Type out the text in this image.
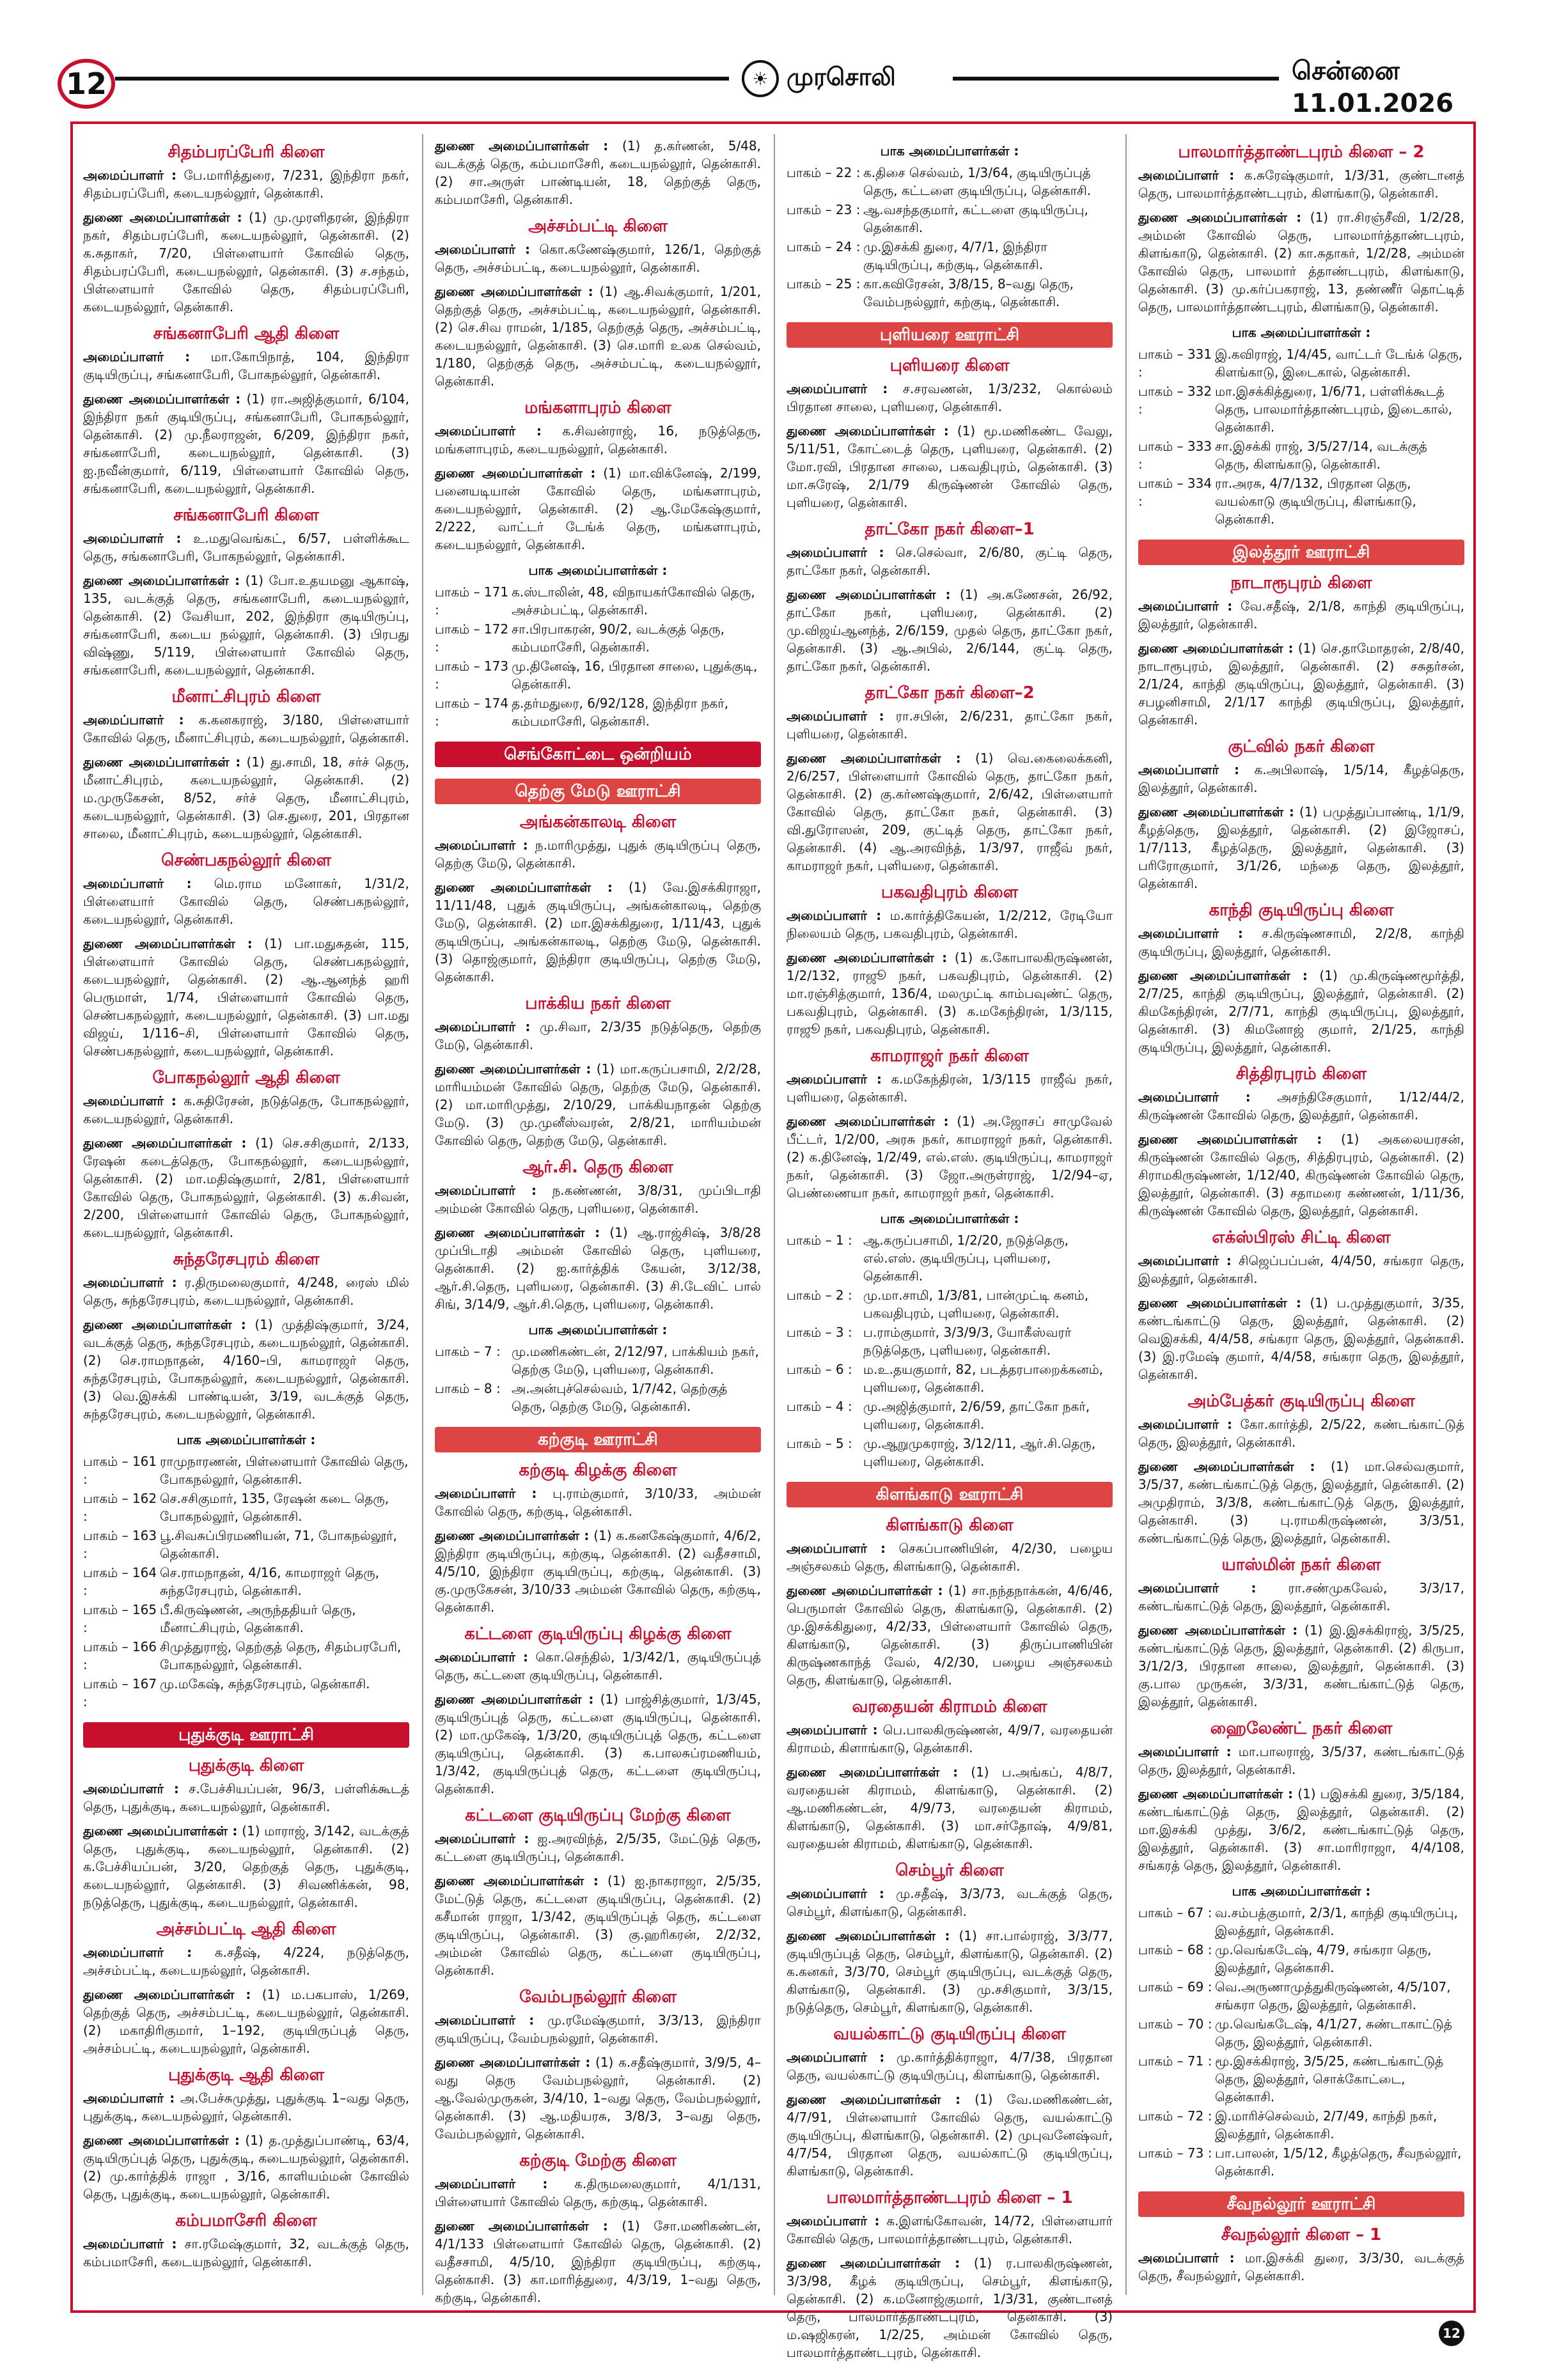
12	☀ முரசொலி	சென்னை    11.01.2026
சிதம்பரப்பேரி கிளை
அமைப்பாளர் : பே.மாரித்துரை, 7/231, இந்திரா நகர், சிதம்பரப்பேரி, கடையநல்லூர், தென்காசி.
துணை அமைப்பாளர்கள் : (1) மு.முரளிதரன், இந்திரா நகர், சிதம்பரப்பேரி, கடையநல்லூர், தென்காசி. (2) க.சுதாகர், 7/20, பிள்ளையார் கோவில் தெரு, சிதம்பரப்பேரி, கடையநல்லூர், தென்காசி. (3) ச.சந்தம், பிள்ளையார் கோவில் தெரு, சிதம்பரப்பேரி, கடையநல்லூர், தென்காசி.
சங்கனாபேரி ஆதி கிளை
அமைப்பாளர் : மா.கோபிநாத், 104, இந்திரா குடியிருப்பு, சங்கனாபேரி, போகநல்லூர், தென்காசி.
துணை அமைப்பாளர்கள் : (1) ரா.அஜித்குமார், 6/104, இந்திரா நகர் குடியிருப்பு, சங்கனாபேரி, போகநல்லூர், தென்காசி. (2) மு.நீலராஜன், 6/209, இந்திரா நகர், சங்கனாபேரி, கடையநல்லூர், தென்காசி. (3) ஐ.நவீன்குமார், 6/119, பிள்ளையார் கோவில் தெரு, சங்கனாபேரி, கடையநல்லூர், தென்காசி.
சங்கனாபேரி கிளை
அமைப்பாளர் : உ.மதுவெங்கட், 6/57, பள்ளிக்கூட தெரு, சங்கனாபேரி, போகநல்லூர், தென்காசி.
துணை அமைப்பாளர்கள் : (1) போ.உதயமனு ஆகாஷ், 135, வடக்குத் தெரு, சங்கனாபேரி, கடையநல்லூர், தென்காசி. (2) வேசியா, 202, இந்திரா குடியிருப்பு, சங்கனாபேரி, கடைய நல்லூர், தென்காசி. (3) பிரபது விஷ்ணு, 5/119, பிள்ளையார் கோவில் தெரு, சங்கனாபேரி, கடையநல்லூர், தென்காசி.
மீனாட்சிபுரம் கிளை
அமைப்பாளர் : க.கனகராஜ், 3/180, பிள்ளையார் கோவில் தெரு, மீனாட்சிபுரம், கடையநல்லூர், தென்காசி.
துணை அமைப்பாளர்கள் : (1) து.சாமி, 18, சர்ச் தெரு, மீனாட்சிபுரம், கடையநல்லூர், தென்காசி. (2) ம.முருகேசன், 8/52, சர்ச் தெரு, மீனாட்சிபுரம், கடையநல்லூர், தென்காசி. (3) செ.துரை, 201, பிரதான சாலை, மீனாட்சிபுரம், கடையநல்லூர், தென்காசி.
செண்பகநல்லூர் கிளை
அமைப்பாளர் : மெ.ராம மனோகர், 1/31/2, பிள்ளையார் கோவில் தெரு, செண்பகநல்லூர், கடையநல்லூர், தென்காசி.
துணை அமைப்பாளர்கள் : (1) பா.மதுசுதன், 115, பிள்ளையார் கோவில் தெரு, செண்பகநல்லூர், கடையநல்லூர், தென்காசி. (2) ஆ.ஆனந்த் ஹரி பெருமாள், 1/74, பிள்ளையார் கோவில் தெரு, செண்பகநல்லூர், கடையநல்லூர், தென்காசி. (3) பா.மது விஜய், 1/116–சி, பிள்ளையார் கோவில் தெரு, செண்பகநல்லூர், கடையநல்லூர், தென்காசி.
போகநல்லூர் ஆதி கிளை
அமைப்பாளர் : க.சுதிரேசன், நடுத்தெரு, போகநல்லூர், கடையநல்லூர், தென்காசி.
துணை அமைப்பாளர்கள் : (1) செ.சசிகுமார், 2/133, ரேஷன் கடைத்தெரு, போகநல்லூர், கடையநல்லூர், தென்காசி. (2) மா.மதிஷ்குமார், 2/81, பிள்ளையார் கோவில் தெரு, போகநல்லூர், தென்காசி. (3) க.சிவன், 2/200, பிள்ளையார் கோவில் தெரு, போகநல்லூர், கடையநல்லூர், தென்காசி.
சுந்தரேசபுரம் கிளை
அமைப்பாளர் : ர.திருமலைகுமார், 4/248, ரைஸ் மில் தெரு, சுந்தரேசபுரம், கடையநல்லூர், தென்காசி.
துணை அமைப்பாளர்கள் : (1) முத்திஷ்குமார், 3/24, வடக்குத் தெரு, சுந்தரேசபுரம், கடையநல்லூர், தென்காசி. (2) செ.ராமநாதன், 4/160–பி, காமராஜர் தெரு, சுந்தரேசபுரம், போகநல்லூர், கடையநல்லூர், தென்காசி. (3) வெ.இசக்கி பாண்டியன், 3/19, வடக்குத் தெரு, சுந்தரேசபுரம், கடையநல்லூர், தென்காசி.
பாக அமைப்பாளர்கள் :
பாகம் – 161 :
ராமுநாரணன், பிள்ளையார் கோவில் தெரு, போகநல்லூர், தென்காசி.
பாகம் – 162 :
செ.சசிகுமார், 135, ரேஷன் கடை தெரு, போகநல்லூர், தென்காசி.
பாகம் – 163 :
பூ.சிவசுப்பிரமணியன், 71, போகநல்லூர், தென்காசி.
பாகம் – 164 :
செ.ராமநாதன், 4/16, காமராஜர் தெரு, சுந்தரேசபுரம், தென்காசி.
பாகம் – 165 :
பீ.கிருஷ்ணன், அருந்ததியர் தெரு, மீனாட்சிபுரம், தென்காசி.
பாகம் – 166 :
சிமுத்துராஜ், தெற்குத் தெரு, சிதம்பரபேரி, போகநல்லூர், தென்காசி.
பாகம் – 167 :
மு.மகேஷ், சுந்தரேசபுரம், தென்காசி.
புதுக்குடி ஊராட்சி
புதுக்குடி கிளை
அமைப்பாளர் : ச.பேச்சியப்பன், 96/3, பள்ளிக்கூடத் தெரு, புதுக்குடி, கடையநல்லூர், தென்காசி.
துணை அமைப்பாளர்கள் : (1) மாராஜ், 3/142, வடக்குத் தெரு, புதுக்குடி, கடையநல்லூர், தென்காசி. (2) க.பேச்சியப்பன், 3/20, தெற்குத் தெரு, புதுக்குடி, கடையநல்லூர், தென்காசி. (3) சிவணிக்கன், 98, நடுத்தெரு, புதுக்குடி, கடையநல்லூர், தென்காசி.
அச்சம்பட்டி ஆதி கிளை
அமைப்பாளர் : க.சதீஷ், 4/224, நடுத்தெரு, அச்சம்பட்டி, கடையநல்லூர், தென்காசி.
துணை அமைப்பாளர்கள் : (1) ம.பகபாஸ், 1/269, தெற்குத் தெரு, அச்சம்பட்டி, கடையநல்லூர், தென்காசி. (2) மகாதிரிகுமார், 1–192, குடியிருப்புத் தெரு, அச்சம்பட்டி, கடையநல்லூர், தென்காசி.
புதுக்குடி ஆதி கிளை
அமைப்பாளர் : அ.பேச்சுமுத்து, புதுக்குடி 1–வது தெரு, புதுக்குடி, கடையநல்லூர், தென்காசி.
துணை அமைப்பாளர்கள் : (1) த.முத்துப்பாண்டி, 63/4, குடியிருப்புத் தெரு, புதுக்குடி, கடையநல்லூர், தென்காசி. (2) மு.கார்த்திக் ராஜா , 3/16, காளியம்மன் கோவில் தெரு, புதுக்குடி, கடையநல்லூர், தென்காசி.
கம்பமாசேரி கிளை
அமைப்பாளர் : சா.ரமேஷ்குமார், 32, வடக்குத் தெரு, கம்பமாசேரி, கடையநல்லூர், தென்காசி.
துணை அமைப்பாளர்கள் : (1) த.கர்ணன், 5/48, வடக்குத் தெரு, கம்பமாசேரி, கடையநல்லூர், தென்காசி. (2) சா.அருள் பாண்டியன், 18, தெற்குத் தெரு, கம்பமாசேரி, தென்காசி.
அச்சம்பட்டி கிளை
அமைப்பாளர் : கொ.கணேஷ்குமார், 126/1, தெற்குத் தெரு, அச்சம்பட்டி, கடையநல்லூர், தென்காசி.
துணை அமைப்பாளர்கள் : (1) ஆ.சிவக்குமார், 1/201, தெற்குத் தெரு, அச்சம்பட்டி, கடையநல்லூர், தென்காசி. (2) செ.சிவ ராமன், 1/185, தெற்குத் தெரு, அச்சம்பட்டி, கடையநல்லூர், தென்காசி. (3) செ.மாரி உலக செல்வம், 1/180, தெற்குத் தெரு, அச்சம்பட்டி, கடையநல்லூர், தென்காசி.
மங்களாபுரம் கிளை
அமைப்பாளர் : க.சிவன்ராஜ், 16, நடுத்தெரு, மங்களாபுரம், கடையநல்லூர், தென்காசி.
துணை அமைப்பாளர்கள் : (1) மா.விக்னேஷ், 2/199, பனையடியான் கோவில் தெரு, மங்களாபுரம், கடையநல்லூர், தென்காசி. (2) ஆ.மேகேஷ்குமார், 2/222, வாட்டர் டேங்க் தெரு, மங்களாபுரம், கடையநல்லூர், தென்காசி.
பாக அமைப்பாளர்கள் :
பாகம் – 171 :
க.ஸ்டாலின், 48, விநாயகர்கோவில் தெரு, அச்சம்பட்டி, தென்காசி.
பாகம் – 172 :
சா.பிரபாகரன், 90/2, வடக்குத் தெரு, கம்பமாசேரி, தென்காசி.
பாகம் – 173 :
மு.தினேஷ், 16, பிரதான சாலை, புதுக்குடி, தென்காசி.
பாகம் – 174 :
த.தர்மதுரை, 6/92/128, இந்திரா நகர், கம்பமாசேரி, தென்காசி.
செங்கோட்டை ஒன்றியம்
தெற்கு மேடு ஊராட்சி
அங்கன்காலடி கிளை
அமைப்பாளர் : ந.மாரிமுத்து, புதுக் குடியிருப்பு தெரு, தெற்கு மேடு, தென்காசி.
துணை அமைப்பாளர்கள் : (1) வே.இசக்கிராஜா, 11/11/48, புதுக் குடியிருப்பு, அங்கன்காலடி, தெற்கு மேடு, தென்காசி. (2) மா.இசக்கிதுரை, 1/11/43, புதுக் குடியிருப்பு, அங்கன்காலடி, தெற்கு மேடு, தென்காசி. (3) தொஜ்குமார், இந்திரா குடியிருப்பு, தெற்கு மேடு, தென்காசி.
பாக்கிய நகர் கிளை
அமைப்பாளர் : மு.சிவா, 2/3/35 நடுத்தெரு, தெற்கு மேடு, தென்காசி.
துணை அமைப்பாளர்கள் : (1) மா.கருப்பசாமி, 2/2/28, மாரியம்மன் கோவில் தெரு, தெற்கு மேடு, தென்காசி. (2) மா.மாரிமுத்து, 2/10/29, பாக்கியநாதன் தெற்கு மேடு. (3) மு.முனீஸ்வரன், 2/8/21, மாரியம்மன் கோவில் தெரு, தெற்கு மேடு, தென்காசி.
ஆர்.சி. தெரு கிளை
அமைப்பாளர் : ந.கண்ணன், 3/8/31, முப்பிடாதி அம்மன் கோவில் தெரு, புளியரை, தென்காசி.
துணை அமைப்பாளர்கள் : (1) ஆ.ராஜ்சிஷ், 3/8/28 முப்பிடாதி அம்மன் கோவில் தெரு, புளியரை, தென்காசி. (2) ஐ.கார்த்திக் கேயன், 3/12/38, ஆர்.சி.தெரு, புளியரை, தென்காசி. (3) சி.டேவிட் பால் சிங், 3/14/9, ஆர்.சி.தெரு, புளியரை, தென்காசி.
பாக அமைப்பாளர்கள் :
பாகம் – 7 : மு.மணிகண்டன், 2/12/97, பாக்கியம் நகர், தெற்கு மேடு, புளியரை, தென்காசி.
பாகம் – 8 : அ.அன்புச்செல்வம், 1/7/42, தெற்குத் தெரு, தெற்கு மேடு, தென்காசி.
கற்குடி ஊராட்சி
கற்குடி கிழக்கு கிளை
அமைப்பாளர் : பு.ராம்குமார், 3/10/33, அம்மன் கோவில் தெரு, கற்குடி, தென்காசி.
துணை அமைப்பாளர்கள் : (1) க.கனகேஷ்குமார், 4/6/2, இந்திரா குடியிருப்பு, கற்குடி, தென்காசி. (2) வதீசசாமி, 4/5/10, இந்திரா குடியிருப்பு, கற்குடி, தென்காசி. (3) கு.முருகேசன், 3/10/33 அம்மன் கோவில் தெரு, கற்குடி, தென்காசி.
கட்டளை குடியிருப்பு கிழக்கு கிளை
அமைப்பாளர் : கொ.செந்தில், 1/3/42/1, குடியிருப்புத் தெரு, கட்டளை குடியிருப்பு, தென்காசி.
துணை அமைப்பாளர்கள் : (1) பாஜ்சித்குமார், 1/3/45, குடியிருப்புத் தெரு, கட்டளை குடியிருப்பு, தென்காசி. (2) மா.முகேஷ், 1/3/20, குடியிருப்புத் தெரு, கட்டளை குடியிருப்பு, தென்காசி. (3) க.பாலசுப்ரமணியம், 1/3/42, குடியிருப்புத் தெரு, கட்டளை குடியிருப்பு, தென்காசி.
கட்டளை குடியிருப்பு மேற்கு கிளை
அமைப்பாளர் : ஐ.அரவிந்த், 2/5/35, மேட்டுத் தெரு, கட்டளை குடியிருப்பு, தென்காசி.
துணை அமைப்பாளர்கள் : (1) ஐ.நாகராஜா, 2/5/35, மேட்டுத் தெரு, கட்டளை குடியிருப்பு, தென்காசி. (2) கசீமான் ராஜா, 1/3/42, குடியிருப்புத் தெரு, கட்டளை குடியிருப்பு, தென்காசி. (3) கு.ஹரிகரன், 2/2/32, அம்மன் கோவில் தெரு, கட்டளை குடியிருப்பு, தென்காசி.
வேம்பநல்லூர் கிளை
அமைப்பாளர் : மு.ரமேஷ்குமார், 3/3/13, இந்திரா குடியிருப்பு, வேம்பநல்லூர், தென்காசி.
துணை அமைப்பாளர்கள் : (1) க.சதீஷ்குமார், 3/9/5, 4–வது தெரு வேம்பநல்லூர், தென்காசி. (2) ஆ.வேல்முருகன், 3/4/10, 1–வது தெரு, வேம்பநல்லூர், தென்காசி. (3) ஆ.மதியரசு, 3/8/3, 3–வது தெரு, வேம்பநல்லூர், தென்காசி.
கற்குடி மேற்கு கிளை
அமைப்பாளர் : க.திருமலைகுமார், 4/1/131, பிள்ளையார் கோவில் தெரு, கற்குடி, தென்காசி.
துணை அமைப்பாளர்கள் : (1) சோ.மணிகண்டன், 4/1/133 பிள்ளையார் கோவில் தெரு, தென்காசி. (2) வதீசசாமி, 4/5/10, இந்திரா குடியிருப்பு, கற்குடி, தென்காசி. (3) கா.மாரித்துரை, 4/3/19, 1–வது தெரு, கற்குடி, தென்காசி.
பாக அமைப்பாளர்கள் :
பாகம் – 22 : க.திசை செல்வம், 1/3/64, குடியிருப்புத் தெரு, கட்டளை குடியிருப்பு, தென்காசி.
பாகம் – 23 : ஆ.வசந்தகுமார், கட்டளை குடியிருப்பு, தென்காசி.
பாகம் – 24 : மு.இசக்கி துரை, 4/7/1, இந்திரா குடியிருப்பு, கற்குடி, தென்காசி.
பாகம் – 25 : கா.கவிரேசன், 3/8/15, 8–வது தெரு, வேம்பநல்லூர், கற்குடி, தென்காசி.
புளியரை ஊராட்சி
புளியரை கிளை
அமைப்பாளர் : ச.சரவணன், 1/3/232, கொல்லம் பிரதான சாலை, புளியரை, தென்காசி.
துணை அமைப்பாளர்கள் : (1) மூ.மணிகண்ட வேலு, 5/11/51, கோட்டைத் தெரு, புளியரை, தென்காசி. (2) மோ.ரவி, பிரதான சாலை, பகவதிபுரம், தென்காசி. (3) மா.சுரேஷ், 2/1/79 கிருஷ்ணன் கோவில் தெரு, புளியரை, தென்காசி.
தாட்கோ நகர் கிளை–1
அமைப்பாளர் : செ.செல்வா, 2/6/80, குட்டி தெரு, தாட்கோ நகர், தென்காசி.
துணை அமைப்பாளர்கள் : (1) அ.கணேசன், 26/92, தாட்கோ நகர், புளியரை, தென்காசி. (2) மு.விஜய்ஆனந்த், 2/6/159, முதல் தெரு, தாட்கோ நகர், தென்காசி. (3) ஆ.அபில், 2/6/144, குட்டி தெரு, தாட்கோ நகர், தென்காசி.
தாட்கோ நகர் கிளை–2
அமைப்பாளர் : ரா.சபின், 2/6/231, தாட்கோ நகர், புளியரை, தென்காசி.
துணை அமைப்பாளர்கள் : (1) வெ.கைலைக்கனி, 2/6/257, பிள்ளையார் கோவில் தெரு, தாட்கோ நகர், தென்காசி. (2) கு.கர்ணஷ்குமார், 2/6/42, பிள்ளையார் கோவில் தெரு, தாட்கோ நகர், தென்காசி. (3) வி.துரோஸன், 209, குட்டித் தெரு, தாட்கோ நகர், தென்காசி. (4) ஆ.அரவிந்த், 1/3/97, ராஜீவ் நகர், காமராஜர் நகர், புளியரை, தென்காசி.
பகவதிபுரம் கிளை
அமைப்பாளர் : ம.கார்த்திகேயன், 1/2/212, ரேடியோ நிலையம் தெரு, பகவதிபுரம், தென்காசி.
துணை அமைப்பாளர்கள் : (1) க.கோபாலகிருஷ்ணன், 1/2/132, ராஜூ நகர், பகவதிபுரம், தென்காசி. (2) மா.ரஞ்சித்குமார், 136/4, மலமுட்டி காம்பவுண்ட் தெரு, பகவதிபுரம், தென்காசி. (3) க.மகேந்திரன், 1/3/115, ராஜூ நகர், பகவதிபுரம், தென்காசி.
காமராஜர் நகர் கிளை
அமைப்பாளர் : க.மகேந்திரன், 1/3/115 ராஜீவ் நகர், புளியரை, தென்காசி.
துணை அமைப்பாளர்கள் : (1) அ.ஜோசப் சாமுவேல் பீட்டர், 1/2/00, அரசு நகர், காமராஜர் நகர், தென்காசி. (2) க.தினேஷ், 1/2/49, எல்.எஸ். குடியிருப்பு, காமராஜர் நகர், தென்காசி. (3) ஜோ.அருள்ராஜ், 1/2/94–ஏ, பெண்ணையா நகர், காமராஜர் நகர், தென்காசி.
பாக அமைப்பாளர்கள் :
பாகம் – 1 : ஆ.கருப்பசாமி, 1/2/20, நடுத்தெரு, எல்.எஸ். குடியிருப்பு, புளியரை, தென்காசி.
பாகம் – 2 : மு.மா.சாமி, 1/3/81, பான்முட்டி கனம், பகவதிபுரம், புளியரை, தென்காசி.
பாகம் – 3 : ப.ராம்குமார், 3/3/9/3, யோகீஸ்வரர் நடுத்தெரு, புளியரை, தென்காசி.
பாகம் – 6 : ம.உ.தயகுமார், 82, படத்தரபாறைக்கனம், புளியரை, தென்காசி.
பாகம் – 4 : மு.அஜித்குமார், 2/6/59, தாட்கோ நகர், புளியரை, தென்காசி.
பாகம் – 5 : மு.ஆறுமுகராஜ், 3/12/11, ஆர்.சி.தெரு, புளியரை, தென்காசி.
கிளங்காடு ஊராட்சி
கிளங்காடு கிளை
அமைப்பாளர் : செகப்பாணியின், 4/2/30, பழைய அஞ்சலகம் தெரு, கிளங்காடு, தென்காசி.
துணை அமைப்பாளர்கள் : (1) சா.நந்தநாக்கன், 4/6/46, பெருமாள் கோவில் தெரு, கிளங்காடு, தென்காசி. (2) மு.இசக்கிதுரை, 4/2/33, பிள்ளையார் கோவில் தெரு, கிளங்காடு, தென்காசி. (3) திருப்பாணியின் கிருஷ்ணகாந்த் வேல், 4/2/30, பழைய அஞ்சலகம் தெரு, கிளங்காடு, தென்காசி.
வரதையன் கிராமம் கிளை
அமைப்பாளர் : பெ.பாலகிருஷ்ணன், 4/9/7, வரதையன் கிராமம், கிளாங்காடு, தென்காசி.
துணை அமைப்பாளர்கள் : (1) ப.அங்கப், 4/8/7, வரதையன் கிராமம், கிளங்காடு, தென்காசி. (2) ஆ.மணிகண்டன், 4/9/73, வரதையன் கிராமம், கிளங்காடு, தென்காசி. (3) மா.சர்தோஷ், 4/9/81, வரதையன் கிராமம், கிளங்காடு, தென்காசி.
செம்பூர் கிளை
அமைப்பாளர் : மு.சதீஷ், 3/3/73, வடக்குத் தெரு, செம்பூர், கிளங்காடு, தென்காசி.
துணை அமைப்பாளர்கள் : (1) சா.பால்ராஜ், 3/3/77, குடியிருப்புத் தெரு, செம்பூர், கிளங்காடு, தென்காசி. (2) க.கனகர், 3/3/70, செம்பூர் குடியிருப்பு, வடக்குத் தெரு, கிளங்காடு, தென்காசி. (3) மு.சசிகுமார், 3/3/15, நடுத்தெரு, செம்பூர், கிளங்காடு, தென்காசி.
வயல்காட்டு குடியிருப்பு கிளை
அமைப்பாளர் : மு.கார்த்திக்ராஜா, 4/7/38, பிரதான தெரு, வயல்காட்டு குடியிருப்பு, கிளங்காடு, தென்காசி.
துணை அமைப்பாளர்கள் : (1) வே.மணிகண்டன், 4/7/91, பிள்ளையார் கோவில் தெரு, வயல்காட்டு குடியிருப்பு, கிளங்காடு, தென்காசி. (2) முபுவனேஷ்வர், 4/7/54, பிரதான தெரு, வயல்காட்டு குடியிருப்பு, கிளங்காடு, தென்காசி.
பாலமார்த்தாண்டபுரம் கிளை – 1
அமைப்பாளர் : க.இளங்கோவன், 14/72, பிள்ளையார் கோவில் தெரு, பாலமார்த்தாண்டபுரம், தென்காசி.
துணை அமைப்பாளர்கள் : (1) ர.பாலகிருஷ்ணன், 3/3/98, கீழக் குடியிருப்பு, செம்பூர், கிளங்காடு, தென்காசி. (2) க.மனோஜ்குமார், 1/3/31, குண்டானத் தெரு, பாலமார்த்தாண்டபுரம், தென்காசி. (3) ம.ஷஜிகரன், 1/2/25, அம்மன் கோவில் தெரு, பாலமார்த்தாண்டபுரம், தென்காசி.
பாலமார்த்தாண்டபுரம் கிளை – 2
அமைப்பாளர் : க.சுரேஷ்குமார், 1/3/31, குண்டானத் தெரு, பாலமார்த்தாண்டபுரம், கிளங்காடு, தென்காசி.
துணை அமைப்பாளர்கள் : (1) ரா.சிரஞ்சீவி, 1/2/28, அம்மன் கோவில் தெரு, பாலமார்த்தாண்டபுரம், கிளங்காடு, தென்காசி. (2) கா.சுதாகர், 1/2/28, அம்மன் கோவில் தெரு, பாலமார் த்தாண்டபுரம், கிளங்காடு, தென்காசி. (3) மு.கர்ப்பகராஜ், 13, தண்ணீர் தொட்டித் தெரு, பாலமார்த்தாண்டபுரம், கிளங்காடு, தென்காசி.
பாக அமைப்பாளர்கள் :
பாகம் – 331 :
இ.கவிராஜ், 1/4/45, வாட்டர் டேங்க் தெரு, கிளங்காடு, இடைகால், தென்காசி.
பாகம் – 332 :
மா.இசக்கித்துரை, 1/6/71, பள்ளிக்கூடத் தெரு, பாலமார்த்தாண்டபுரம், இடைகால், தென்காசி.
பாகம் – 333 :
சா.இசக்கி ராஜ், 3/5/27/14, வடக்குத் தெரு, கிளங்காடு, தென்காசி.
பாகம் – 334 :
ரா.அரசு, 4/7/132, பிரதான தெரு, வயல்காடு குடியிருப்பு, கிளங்காடு, தென்காசி.
இலத்தூர் ஊராட்சி
நாடாரூபுரம் கிளை
அமைப்பாளர் : வே.சதீஷ், 2/1/8, காந்தி குடியிருப்பு, இலத்தூர், தென்காசி.
துணை அமைப்பாளர்கள் : (1) செ.தாமோதரன், 2/8/40, நாடாரூபுரம், இலத்தூர், தென்காசி. (2) சசுதர்சன், 2/1/24, காந்தி குடியிருப்பு, இலத்தூர், தென்காசி. (3) சபழனிசாமி, 2/1/17 காந்தி குடியிருப்பு, இலத்தூர், தென்காசி.
குட்வில் நகர் கிளை
அமைப்பாளர் : க.அபிலாஷ், 1/5/14, கீழத்தெரு, இலத்தூர், தென்காசி.
துணை அமைப்பாளர்கள் : (1) பமுத்துப்பாண்டி, 1/1/9, கீழத்தெரு, இலத்தூர், தென்காசி. (2) இஜோசப், 1/7/113, கீழத்தெரு, இலத்தூர், தென்காசி. (3) பரிரோகுமார், 3/1/26, மந்தை தெரு, இலத்தூர், தென்காசி.
காந்தி குடியிருப்பு கிளை
அமைப்பாளர் : ச.கிருஷ்ணசாமி, 2/2/8, காந்தி குடியிருப்பு, இலத்தூர், தென்காசி.
துணை அமைப்பாளர்கள் : (1) மு.கிருஷ்ணமூர்த்தி, 2/7/25, காந்தி குடியிருப்பு, இலத்தூர், தென்காசி. (2) கிமகேந்திரன், 2/7/71, காந்தி குடியிருப்பு, இலத்தூர், தென்காசி. (3) கிமனோஜ் குமார், 2/1/25, காந்தி குடியிருப்பு, இலத்தூர், தென்காசி.
சித்திரபுரம் கிளை
அமைப்பாளர் : அசந்திசேகுமார், 1/12/44/2, கிருஷ்ணன் கோவில் தெரு, இலத்தூர், தென்காசி.
துணை அமைப்பாளர்கள் : (1) அகலையரசன், கிருஷ்ணன் கோவில் தெரு, சித்திரபுரம், தென்காசி. (2) சிராமகிருஷ்ணன், 1/12/40, கிருஷ்ணன் கோவில் தெரு, இலத்தூர், தென்காசி. (3) சதாமரை கண்ணன், 1/11/36, கிருஷ்ணன் கோவில் தெரு, இலத்தூர், தென்காசி.
எக்ஸ்பிரஸ் சிட்டி கிளை
அமைப்பாளர் : சிஜெப்பப்பன், 4/4/50, சங்கரா தெரு, இலத்தூர், தென்காசி.
துணை அமைப்பாளர்கள் : (1) ப.முத்துகுமார், 3/35, கண்டங்காட்டு தெரு, இலத்தூர், தென்காசி. (2) வெஇசக்கி, 4/4/58, சங்கரா தெரு, இலத்தூர், தென்காசி. (3) இ.ரமேஷ் குமார், 4/4/58, சங்கரா தெரு, இலத்தூர், தென்காசி.
அம்பேத்கர் குடியிருப்பு கிளை
அமைப்பாளர் : கோ.கார்த்தி, 2/5/22, கண்டங்காட்டுத் தெரு, இலத்தூர், தென்காசி.
துணை அமைப்பாளர்கள் : (1) மா.செல்வகுமார், 3/5/37, கண்டங்காட்டுத் தெரு, இலத்தூர், தென்காசி. (2) அமுதிராம், 3/3/8, கண்டங்காட்டுத் தெரு, இலத்தூர், தென்காசி. (3) பு.ராமகிருஷ்ணன், 3/3/51, கண்டங்காட்டுத் தெரு, இலத்தூர், தென்காசி.
யாஸ்மின் நகர் கிளை
அமைப்பாளர் : ரா.சண்முகவேல், 3/3/17, கண்டங்காட்டுத் தெரு, இலத்தூர், தென்காசி.
துணை அமைப்பாளர்கள் : (1) இ.இசக்கிராஜ், 3/5/25, கண்டங்காட்டுத் தெரு, இலத்தூர், தென்காசி. (2) கிருபா, 3/1/2/3, பிரதான சாலை, இலத்தூர், தென்காசி. (3) கு.பால முருகன், 3/3/31, கண்டங்காட்டுத் தெரு, இலத்தூர், தென்காசி.
ஹைலேண்ட் நகர் கிளை
அமைப்பாளர் : மா.பாலராஜ், 3/5/37, கண்டங்காட்டுத் தெரு, இலத்தூர், தென்காசி.
துணை அமைப்பாளர்கள் : (1) பஇசக்கி துரை, 3/5/184, கண்டங்காட்டுத் தெரு, இலத்தூர், தென்காசி. (2) மா.இசக்கி முத்து, 3/6/2, கண்டங்காட்டுத் தெரு, இலத்தூர், தென்காசி. (3) சா.மாரிராஜா, 4/4/108, சங்கரத் தெரு, இலத்தூர், தென்காசி.
பாக அமைப்பாளர்கள் :
பாகம் – 67 : வ.சம்பத்குமார், 2/3/1, காந்தி குடியிருப்பு, இலத்தூர், தென்காசி.
பாகம் – 68 : மு.வெங்கடேஷ், 4/79, சங்கரா தெரு, இலத்தூர், தென்காசி.
பாகம் – 69 : வெ.அருணாமுத்துகிருஷ்ணன், 4/5/107, சங்கரா தெரு, இலத்தூர், தென்காசி.
பாகம் – 70 : மு.வெங்கடேஷ், 4/1/27, சுண்டாகாட்டுத் தெரு, இலத்தூர், தென்காசி.
பாகம் – 71 : மூ.இசக்கிராஜ், 3/5/25, கண்டங்காட்டுத் தெரு, இலத்தூர், சொக்கோட்டை, தென்காசி.
பாகம் – 72 : இ.மாரிச்செல்வம், 2/7/49, காந்தி நகர், இலத்தூர், தென்காசி.
பாகம் – 73 : பா.பாலன், 1/5/12, கீழத்தெரு, சீவநல்லூர், தென்காசி.
சீவநல்லூர் ஊராட்சி
சீவநல்லூர் கிளை – 1
அமைப்பாளர் : மா.இசக்கி துரை, 3/3/30, வடக்குத் தெரு, சீவநல்லூர், தென்காசி.
12
